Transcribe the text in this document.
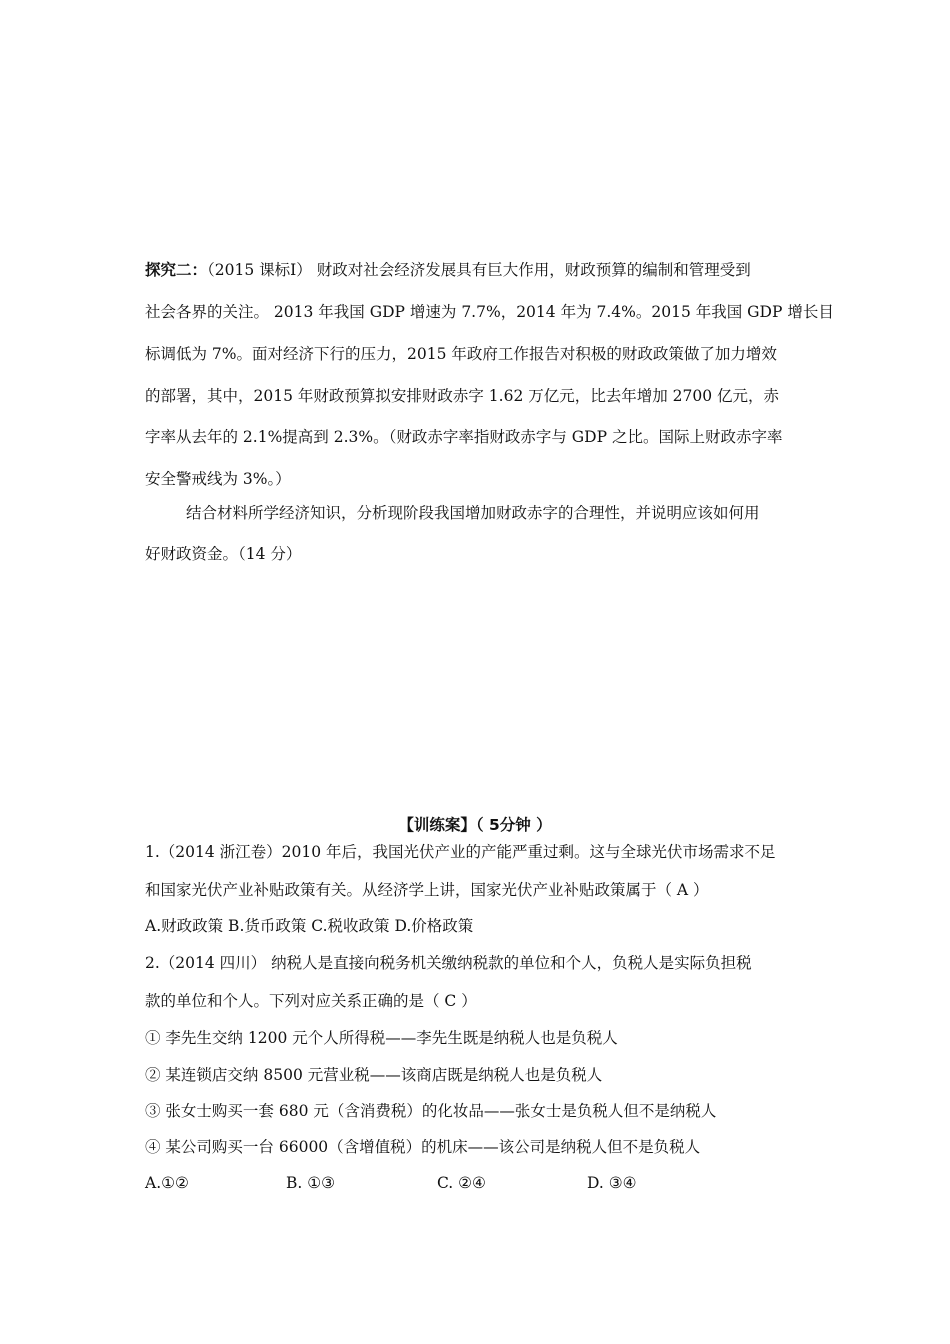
探究二：（2015 课标Ⅰ） 财政对社会经济发展具有巨大作用，财政预算的编制和管理受到
社会各界的关注。 2013 年我国 GDP 增速为 7.7%，2014 年为 7.4%。2015 年我国 GDP 增长目
标调低为 7%。面对经济下行的压力，2015 年政府工作报告对积极的财政政策做了加力增效
的部署，其中，2015 年财政预算拟安排财政赤字 1.62 万亿元，比去年增加 2700 亿元，赤
字率从去年的 2.1%提高到 2.3%。（财政赤字率指财政赤字与 GDP 之比。国际上财政赤字率
安全警戒线为 3%。）
结合材料所学经济知识，分析现阶段我国增加财政赤字的合理性，并说明应该如何用
好财政资金。（14 分）
【训练案】（ 5分钟 ）
1.（2014 浙江卷）2010 年后，我国光伏产业的产能严重过剩。这与全球光伏市场需求不足
和国家光伏产业补贴政策有关。从经济学上讲，国家光伏产业补贴政策属于（ A ）
A.财政政策 B.货币政策 C.税收政策 D.价格政策
2.（2014 四川） 纳税人是直接向税务机关缴纳税款的单位和个人，负税人是实际负担税
款的单位和个人。下列对应关系正确的是（ C ）
① 李先生交纳 1200 元个人所得税——李先生既是纳税人也是负税人
② 某连锁店交纳 8500 元营业税——该商店既是纳税人也是负税人
③ 张女士购买一套 680 元（含消费税）的化妆品——张女士是负税人但不是纳税人
④ 某公司购买一台 66000（含增值税）的机床——该公司是纳税人但不是负税人
A.①②	B. ①③	C. ②④	D. ③④
